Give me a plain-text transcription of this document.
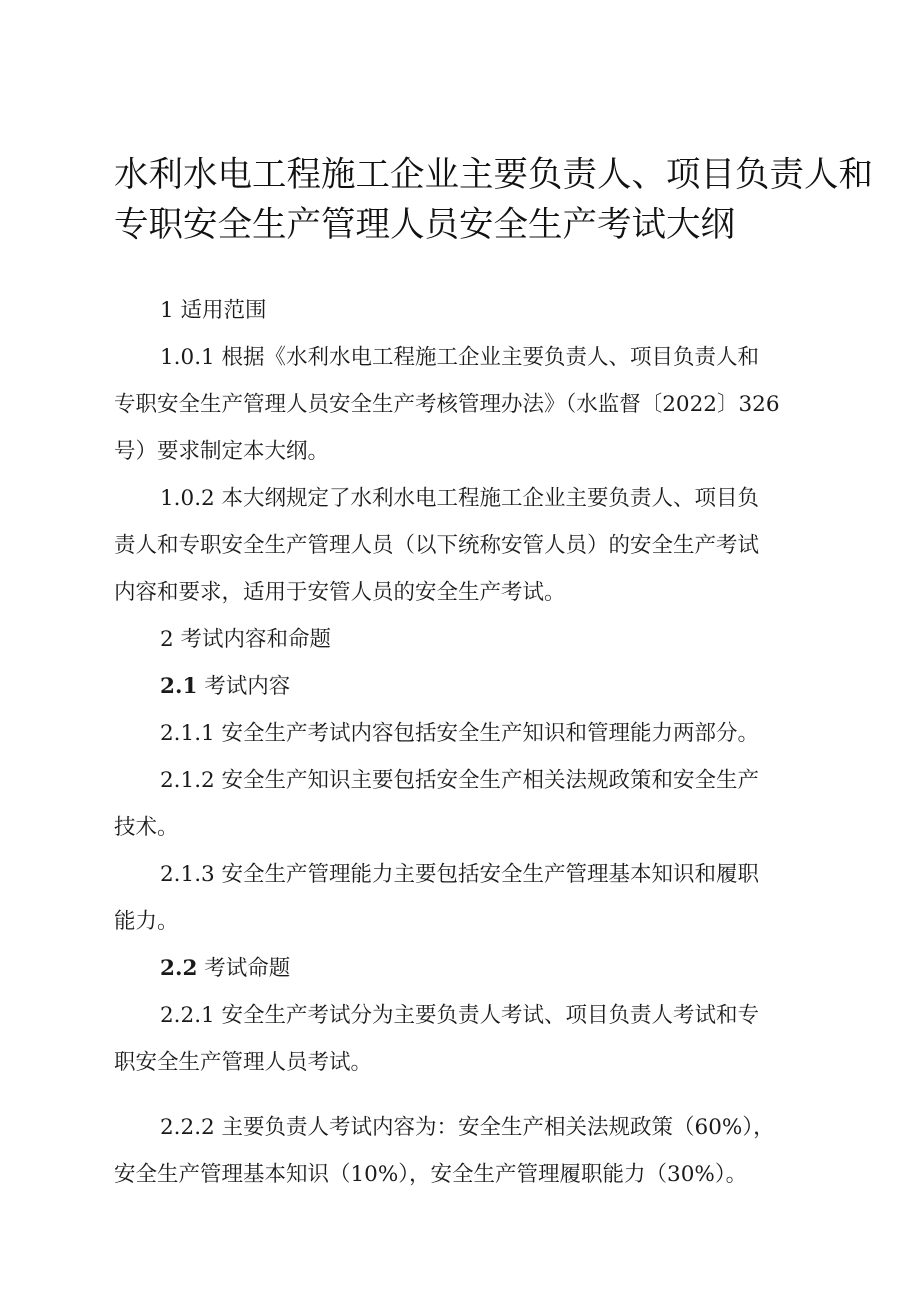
水利水电工程施工企业主要负责人、项目负责人和
专职安全生产管理人员安全生产考试大纲

1 适用范围

1.0.1 根据《水利水电工程施工企业主要负责人、项目负责人和

专职安全生产管理人员安全生产考核管理办法》（水监督〔2022〕326

号）要求制定本大纲。

1.0.2 本大纲规定了水利水电工程施工企业主要负责人、项目负

责人和专职安全生产管理人员（以下统称安管人员）的安全生产考试

内容和要求，适用于安管人员的安全生产考试。

2 考试内容和命题

2.1 考试内容

2.1.1 安全生产考试内容包括安全生产知识和管理能力两部分。

2.1.2 安全生产知识主要包括安全生产相关法规政策和安全生产

技术。

2.1.3 安全生产管理能力主要包括安全生产管理基本知识和履职

能力。

2.2 考试命题

2.2.1 安全生产考试分为主要负责人考试、项目负责人考试和专

职安全生产管理人员考试。

2.2.2 主要负责人考试内容为：安全生产相关法规政策（60%），

安全生产管理基本知识（10%），安全生产管理履职能力（30%）。
